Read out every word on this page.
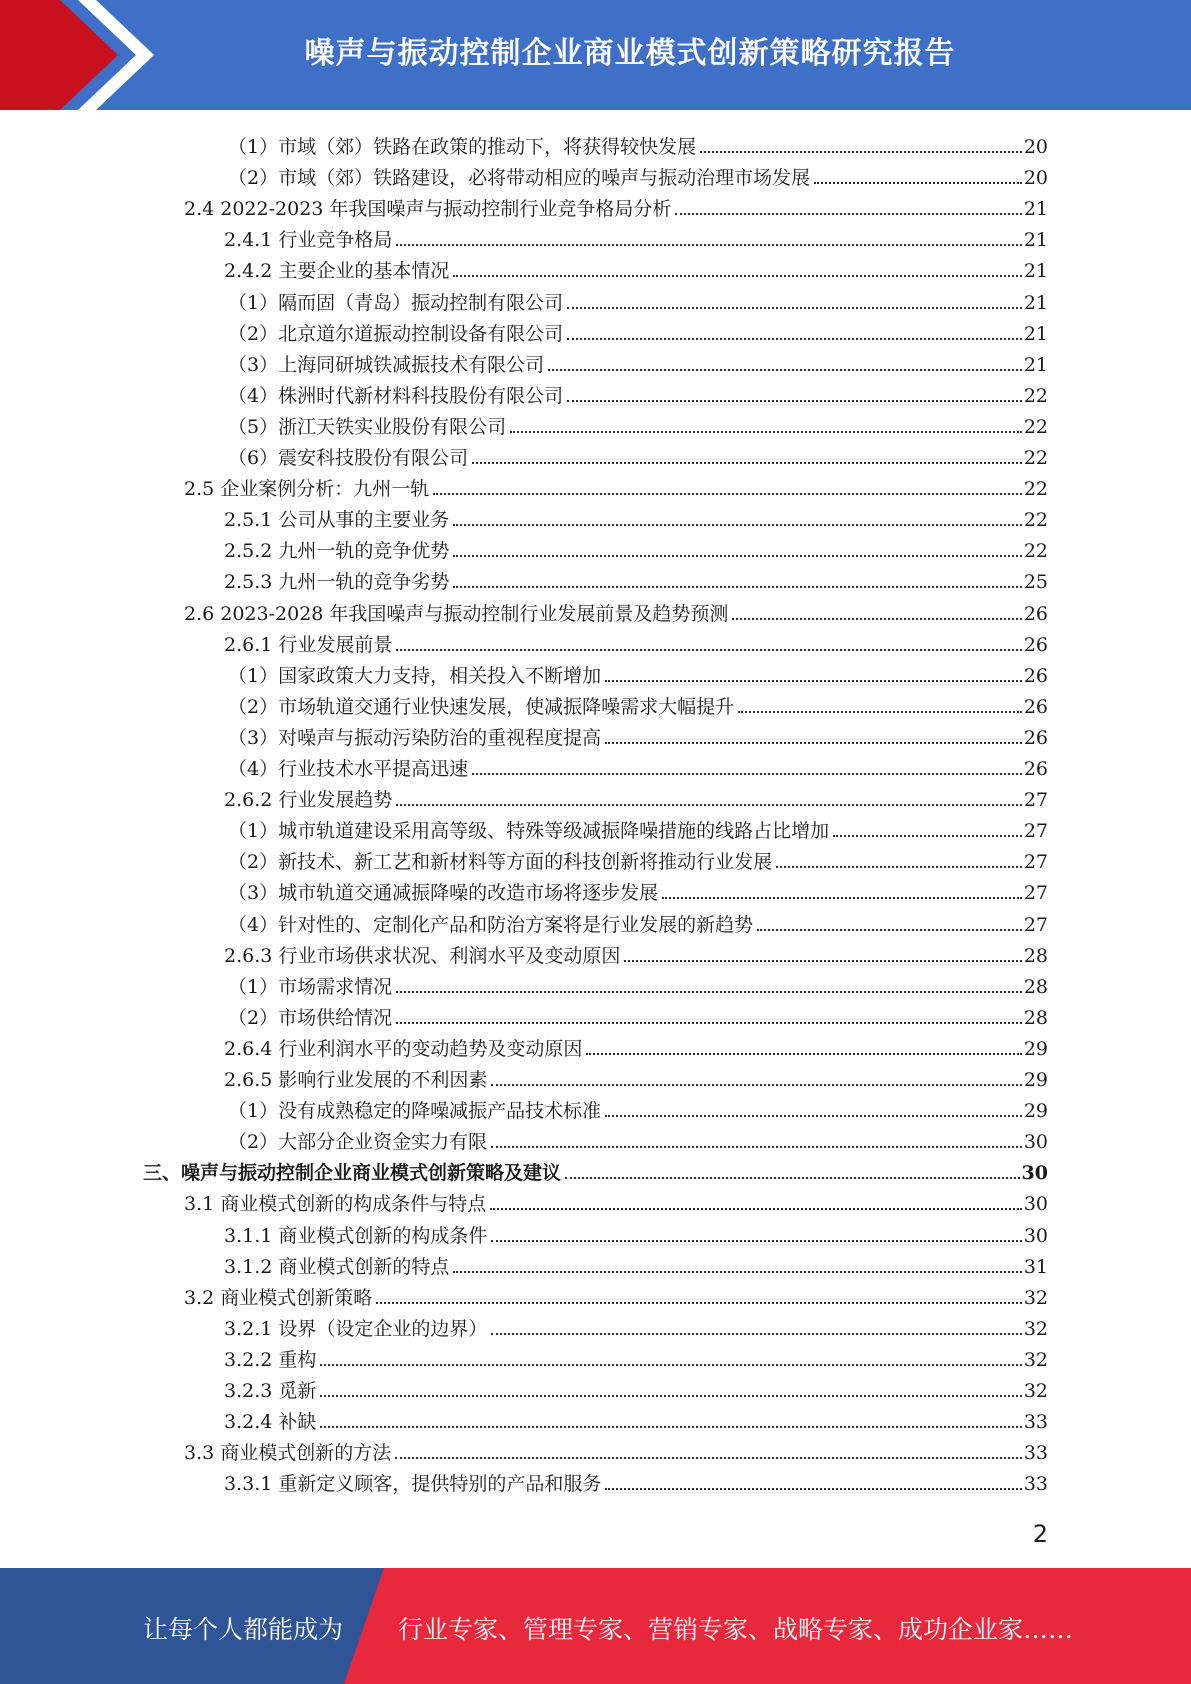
噪声与振动控制企业商业模式创新策略研究报告
（1）市域（郊）铁路在政策的推动下，将获得较快发展	20
（2）市域（郊）铁路建设，必将带动相应的噪声与振动治理市场发展	20
2.4 2022-2023 年我国噪声与振动控制行业竞争格局分析	21
2.4.1 行业竞争格局	21
2.4.2 主要企业的基本情况	21
（1）隔而固（青岛）振动控制有限公司	21
（2）北京道尔道振动控制设备有限公司	21
（3）上海同研城铁减振技术有限公司	21
（4）株洲时代新材料科技股份有限公司	22
（5）浙江天铁实业股份有限公司	22
（6）震安科技股份有限公司	22
2.5 企业案例分析：九州一轨	22
2.5.1 公司从事的主要业务	22
2.5.2 九州一轨的竞争优势	22
2.5.3 九州一轨的竞争劣势	25
2.6 2023-2028 年我国噪声与振动控制行业发展前景及趋势预测	26
2.6.1 行业发展前景	26
（1）国家政策大力支持，相关投入不断增加	26
（2）市场轨道交通行业快速发展，使减振降噪需求大幅提升	26
（3）对噪声与振动污染防治的重视程度提高	26
（4）行业技术水平提高迅速	26
2.6.2 行业发展趋势	27
（1）城市轨道建设采用高等级、特殊等级减振降噪措施的线路占比增加	27
（2）新技术、新工艺和新材料等方面的科技创新将推动行业发展	27
（3）城市轨道交通减振降噪的改造市场将逐步发展	27
（4）针对性的、定制化产品和防治方案将是行业发展的新趋势	27
2.6.3 行业市场供求状况、利润水平及变动原因	28
（1）市场需求情况	28
（2）市场供给情况	28
2.6.4 行业利润水平的变动趋势及变动原因	29
2.6.5 影响行业发展的不利因素	29
（1）没有成熟稳定的降噪减振产品技术标准	29
（2）大部分企业资金实力有限	30
三、噪声与振动控制企业商业模式创新策略及建议	30
3.1 商业模式创新的构成条件与特点	30
3.1.1 商业模式创新的构成条件	30
3.1.2 商业模式创新的特点	31
3.2 商业模式创新策略	32
3.2.1 设界（设定企业的边界）	32
3.2.2 重构	32
3.2.3 觅新	32
3.2.4 补缺	33
3.3 商业模式创新的方法	33
3.3.1 重新定义顾客，提供特别的产品和服务	33
2
让每个人都能成为 行业专家、管理专家、营销专家、战略专家、成功企业家……
